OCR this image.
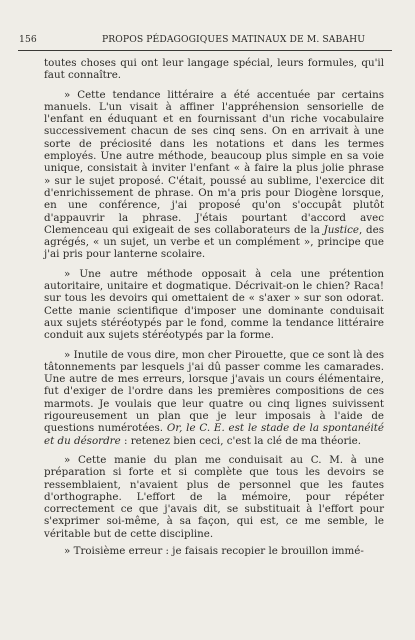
156	PROPOS PÉDAGOGIQUES MATINAUX DE M. SABAHU

toutes choses qui ont leur langage spécial, leurs formules, qu'il faut connaître.

» Cette tendance littéraire a été accentuée par certains manuels. L'un visait à affiner l'appréhension sensorielle de l'enfant en éduquant et en fournissant d'un riche vocabulaire successivement chacun de ses cinq sens. On en arrivait à une sorte de préciosité dans les notations et dans les termes employés. Une autre méthode, beaucoup plus simple en sa voie unique, consistait à inviter l'enfant « à faire la plus jolie phrase » sur le sujet proposé. C'était, poussé au sublime, l'exercice dit d'enrichissement de phrase. On m'a pris pour Diogène lorsque, en une conférence, j'ai proposé qu'on s'occupât plutôt d'appauvrir la phrase. J'étais pourtant d'accord avec Clemenceau qui exigeait de ses collaborateurs de la Justice, des agrégés, « un sujet, un verbe et un complément », principe que j'ai pris pour lanterne scolaire.

» Une autre méthode opposait à cela une prétention autoritaire, unitaire et dogmatique. Décrivait-on le chien? Raca! sur tous les devoirs qui omettaient de « s'axer » sur son odorat. Cette manie scientifique d'imposer une dominante conduisait aux sujets stéréotypés par le fond, comme la tendance littéraire conduit aux sujets stéréotypés par la forme.

» Inutile de vous dire, mon cher Pirouette, que ce sont là des tâtonnements par lesquels j'ai dû passer comme les camarades. Une autre de mes erreurs, lorsque j'avais un cours élémentaire, fut d'exiger de l'ordre dans les premières compositions de ces marmots. Je voulais que leur quatre ou cinq lignes suivissent rigoureusement un plan que je leur imposais à l'aide de questions numérotées. Or, le C. E. est le stade de la spontanéité et du désordre : retenez bien ceci, c'est la clé de ma théorie.

» Cette manie du plan me conduisait au C. M. à une préparation si forte et si complète que tous les devoirs se ressemblaient, n'avaient plus de personnel que les fautes d'orthographe. L'effort de la mémoire, pour répéter correctement ce que j'avais dit, se substituait à l'effort pour s'exprimer soi-même, à sa façon, qui est, ce me semble, le véritable but de cette discipline.

» Troisième erreur : je faisais recopier le brouillon immé-
